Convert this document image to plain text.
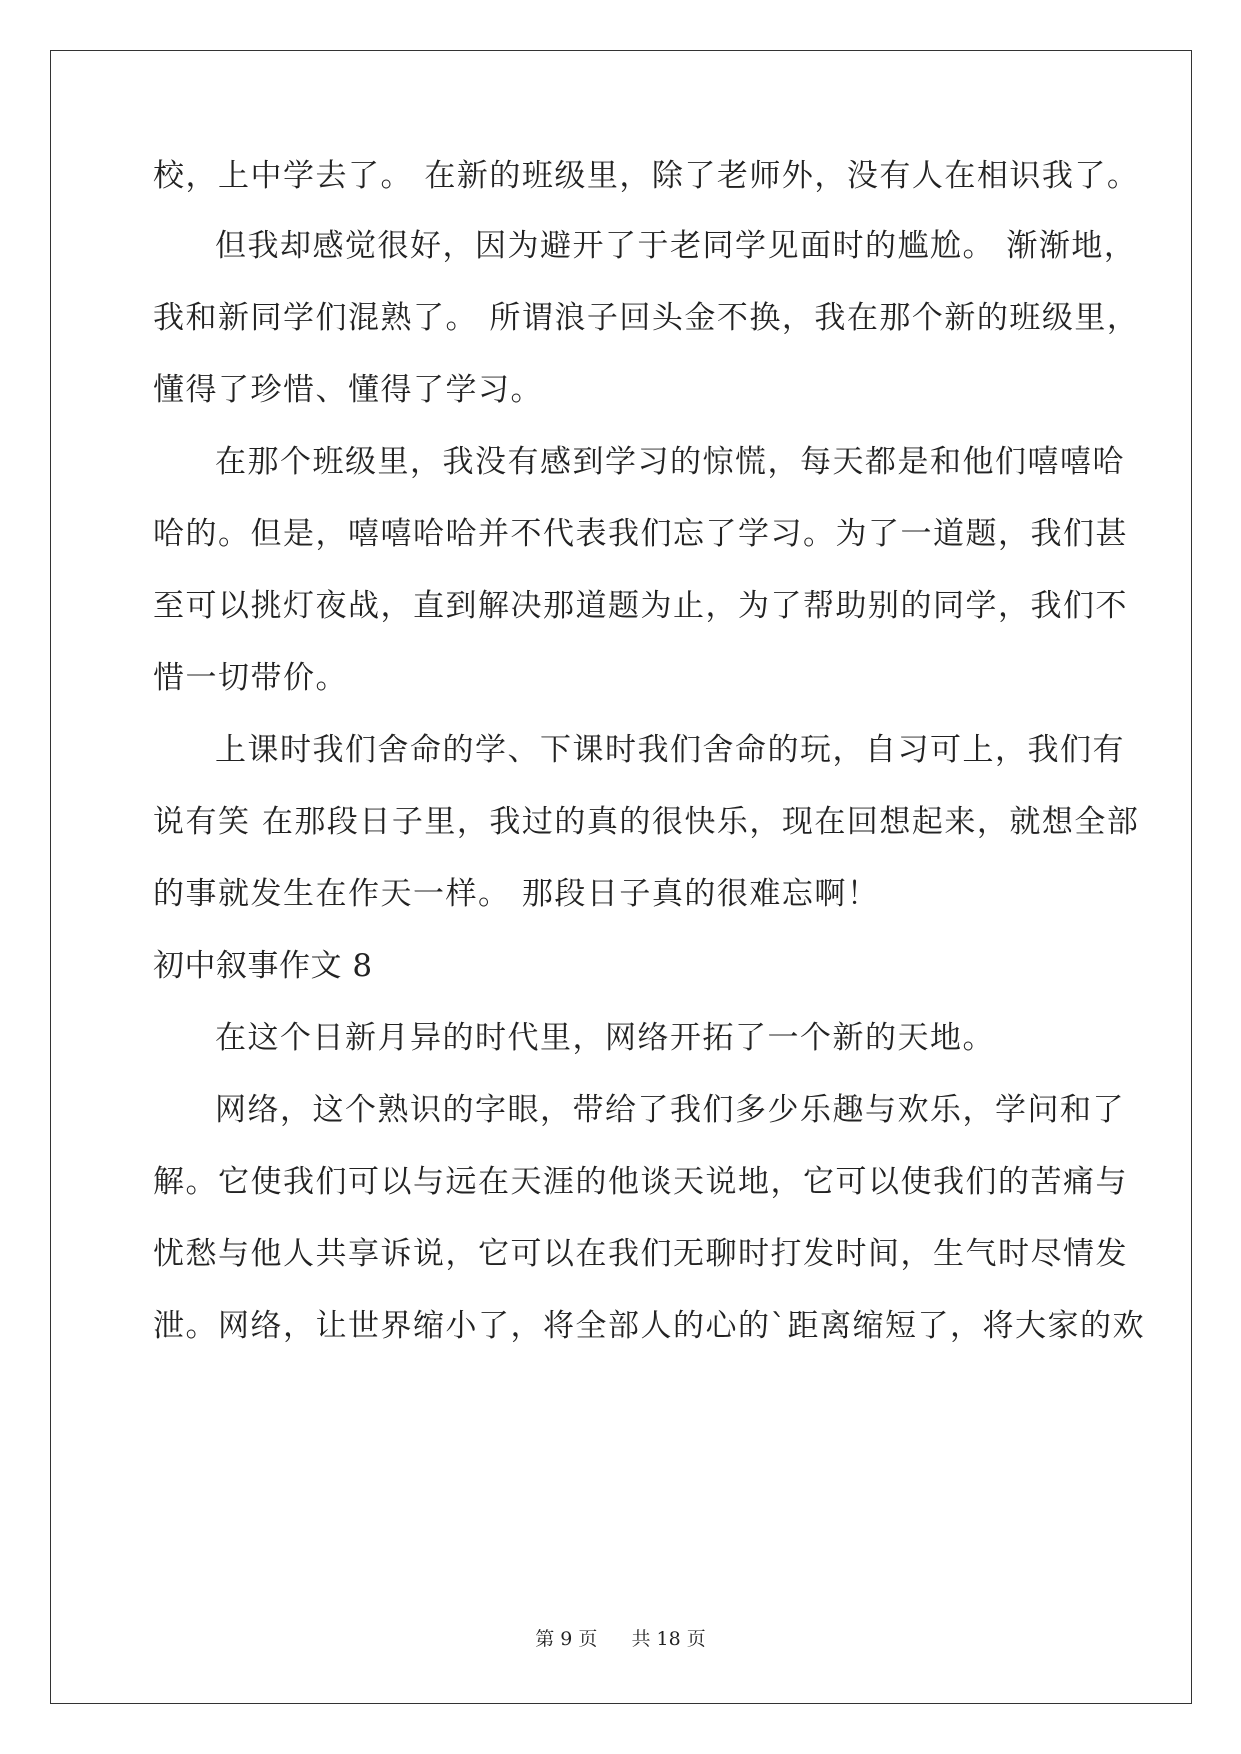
校，上中学去了。 在新的班级里，除了老师外，没有人在相识我了。
但我却感觉很好，因为避开了于老同学见面时的尴尬。 渐渐地，
我和新同学们混熟了。 所谓浪子回头金不换，我在那个新的班级里，
懂得了珍惜、懂得了学习。
在那个班级里，我没有感到学习的惊慌，每天都是和他们嘻嘻哈
哈的。但是，嘻嘻哈哈并不代表我们忘了学习。为了一道题，我们甚
至可以挑灯夜战，直到解决那道题为止，为了帮助别的同学，我们不
惜一切带价。
上课时我们舍命的学、下课时我们舍命的玩，自习可上，我们有
说有笑 在那段日子里，我过的真的很快乐，现在回想起来，就想全部
的事就发生在作天一样。 那段日子真的很难忘啊！
初中叙事作文 8
在这个日新月异的时代里，网络开拓了一个新的天地。
网络，这个熟识的字眼，带给了我们多少乐趣与欢乐，学问和了
解。它使我们可以与远在天涯的他谈天说地，它可以使我们的苦痛与
忧愁与他人共享诉说，它可以在我们无聊时打发时间，生气时尽情发
泄。网络，让世界缩小了，将全部人的心的`距离缩短了，将大家的欢
第 9 页 共 18 页
